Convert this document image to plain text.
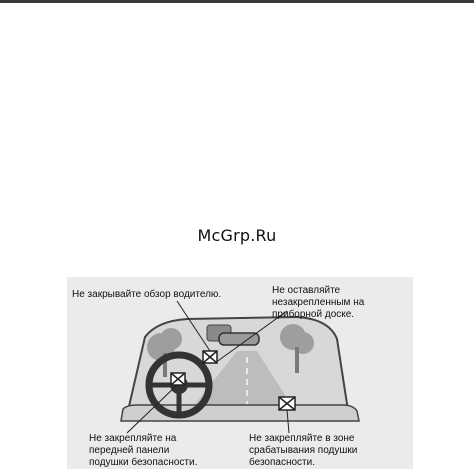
McGrp.Ru

Не закрывайте обзор водителю.	Не оставляйте незакрепленным на приборной доске.

Не закрепляйте на передней панели подушки безопасности.

Не закрепляйте в зоне срабатывания подушки безопасности.
